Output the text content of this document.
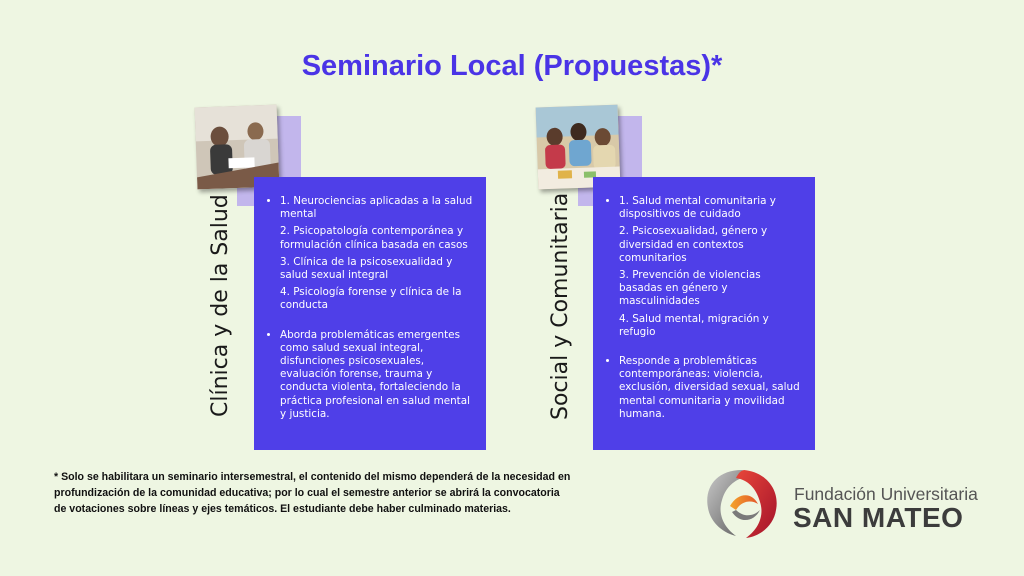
Seminario Local (Propuestas)*
Clínica y de la Salud	• 1. Neurociencias aplicadas a la salud mental
2. Psicopatología contemporánea y formulación clínica basada en casos
3. Clínica de la psicosexualidad y salud sexual integral
4. Psicología forense y clínica de la conducta
• Aborda problemáticas emergentes como salud sexual integral, disfunciones psicosexuales, evaluación forense, trauma y conducta violenta, fortaleciendo la práctica profesional en salud mental y justicia.	Social y Comunitaria	• 1. Salud mental comunitaria y dispositivos de cuidado
2. Psicosexualidad, género y diversidad en contextos comunitarios
3. Prevención de violencias basadas en género y masculinidades
4. Salud mental, migración y refugio
• Responde a problemáticas contemporáneas: violencia, exclusión, diversidad sexual, salud mental comunitaria y movilidad humana.
* Solo se habilitara un seminario intersemestral, el contenido del mismo dependerá de la necesidad en profundización de la comunidad educativa; por lo cual el semestre anterior se abrirá la convocatoria de votaciones sobre líneas y ejes temáticos. El estudiante debe haber culminado materias.
Fundación Universitaria
SAN MATEO
